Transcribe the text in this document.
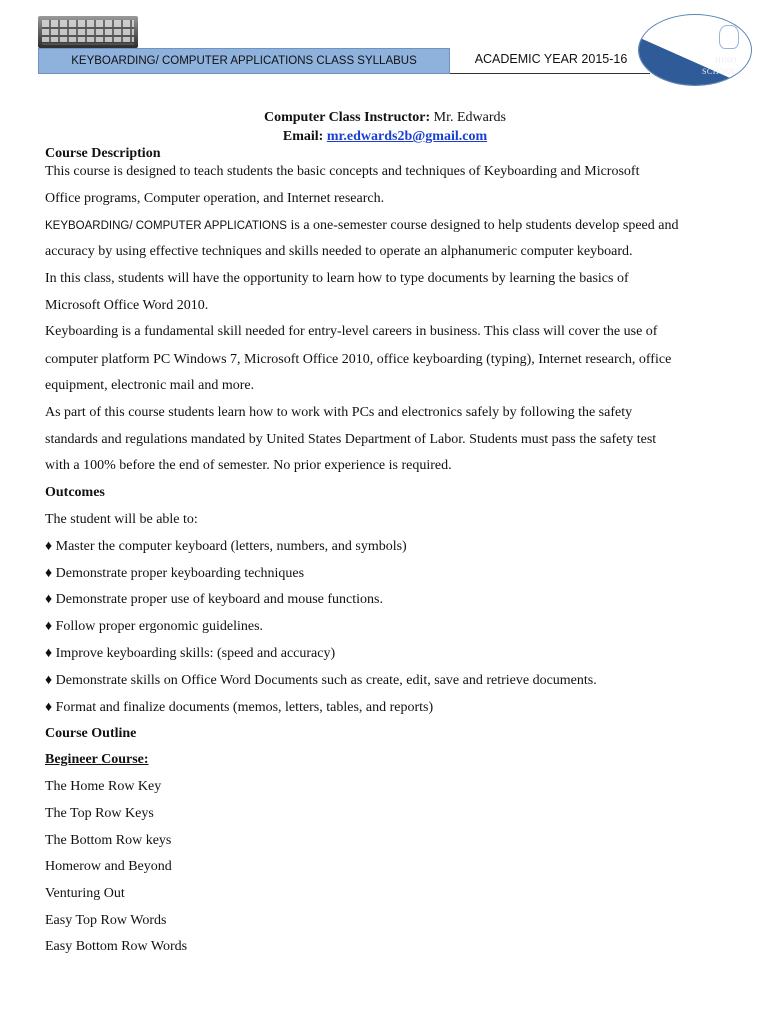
KEYBOARDING/ COMPUTER APPLICATIONS CLASS SYLLABUS	ACADEMIC YEAR 2015-16	HINO
SCHOOL
Computer Class Instructor: Mr. Edwards
Email: mr.edwards2b@gmail.com
Course Description
This course is designed to teach students the basic concepts and techniques of Keyboarding and Microsoft
Office programs, Computer operation, and Internet research.
KEYBOARDING/ COMPUTER APPLICATIONS is a one-semester course designed to help students develop speed and
accuracy by using effective techniques and skills needed to operate an alphanumeric computer keyboard.
In this class, students will have the opportunity to learn how to type documents by learning the basics of
Microsoft Office Word 2010.
Keyboarding is a fundamental skill needed for entry-level careers in business. This class will cover the use of
computer platform PC Windows 7, Microsoft Office 2010, office keyboarding (typing), Internet research, office
equipment, electronic mail and more.
As part of this course students learn how to work with PCs and electronics safely by following the safety
standards and regulations mandated by United States Department of Labor. Students must pass the safety test
with a 100% before the end of semester. No prior experience is required.
Outcomes
The student will be able to:
♦ Master the computer keyboard (letters, numbers, and symbols)
♦ Demonstrate proper keyboarding techniques
♦ Demonstrate proper use of keyboard and mouse functions.
♦ Follow proper ergonomic guidelines.
♦ Improve keyboarding skills: (speed and accuracy)
♦ Demonstrate skills on Office Word Documents such as create, edit, save and retrieve documents.
♦ Format and finalize documents (memos, letters, tables, and reports)
Course Outline
Begineer Course:
The Home Row Key
The Top Row Keys
The Bottom Row keys
Homerow and Beyond
Venturing Out
Easy Top Row Words
Easy Bottom Row Words
